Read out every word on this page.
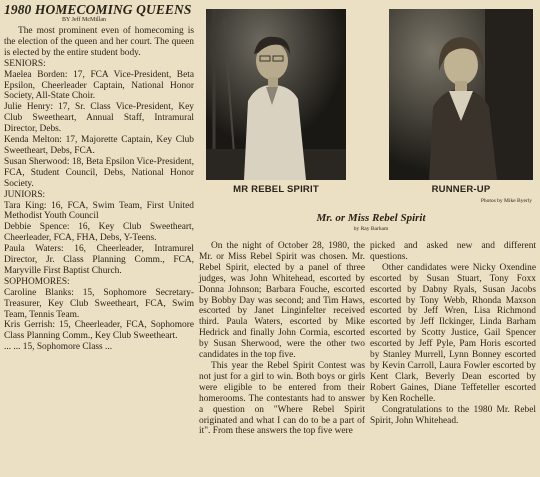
1980 HOMECOMING QUEENS

BY Jeff McMillan

The most prominent even of homecoming is the election of the queen and her court. The queen is elected by the entire student body.

SENIORS:

Maelea Borden: 17, FCA Vice-President, Beta Epsilon, Cheerleader Captain, National Honor Society, All-State Choir.

Julie Henry: 17, Sr. Class Vice-President, Key Club Sweetheart, Annual Staff, Intramural Director, Debs.

Kenda Melton: 17, Majorette Captain, Key Club Sweetheart, Debs, FCA.

Susan Sherwood: 18, Beta Epsilon Vice-President, FCA, Student Council, Debs, National Honor Society.

JUNIORS:

Tara King: 16, FCA, Swim Team, First United Methodist Youth Council

Debbie Spence: 16, Key Club Sweetheart, Cheerleader, FCA, FHA, Debs, Y-Teens.

Paula Waters: 16, Cheerleader, Intramurel Director, Jr. Class Planning Comm., FCA, Maryville First Baptist Church.

SOPHOMORES:

Caroline Blanks: 15, Sophomore Secretary-Treasurer, Key Club Sweetheart, FCA, Swim Team, Tennis Team.

Kris Gerrish: 15, Cheerleader, FCA, Sophomore Class Planning Comm., Key Club Sweetheart.

... ... 15, Sophomore Class ...

MR REBEL SPIRIT	RUNNER-UP
Photos by Mike Byerly
Mr. or Miss Rebel Spirit
by Ray Barham

On the night of October 28, 1980, the Mr. or Miss Rebel Spirit was chosen. Mr. Rebel Spirit, elected by a panel of three judges, was John Whitehead, escorted by Donna Johnson; Barbara Fouche, escorted by Bobby Day was second; and Tim Haws, escorted by Janet Linginfelter received third. Paula Waters, escorted by Mike Hedrick and finally John Cormia, escorted by Susan Sherwood, were the other two candidates in the top five.

This year the Rebel Spirit Contest was not just for a girl to win. Both boys or girls were eligible to be entered from their homerooms. The contestants had to answer a question on "Where Rebel Spirit originated and what I can do to be a part of it". From these answers the top five were

picked and asked new and different questions.

Other candidates were Nicky Oxendine escorted by Susan Stuart, Tony Foxx escorted by Dabny Ryals, Susan Jacobs escorted by Tony Webb, Rhonda Maxson escorted by Jeff Wren, Lisa Richmond escorted by Jeff Ilckinger, Linda Barham escorted by Scotty Justice, Gail Spencer escorted by Jeff Pyle, Pam Horis escorted by Stanley Murrell, Lynn Bonney escorted by Kevin Carroll, Laura Fowler escorted by Kent Clark, Beverly Dean escorted by Robert Gaines, Diane Teffeteller escorted by Ken Rochelle.

Congratulations to the 1980 Mr. Rebel Spirit, John Whitehead.
